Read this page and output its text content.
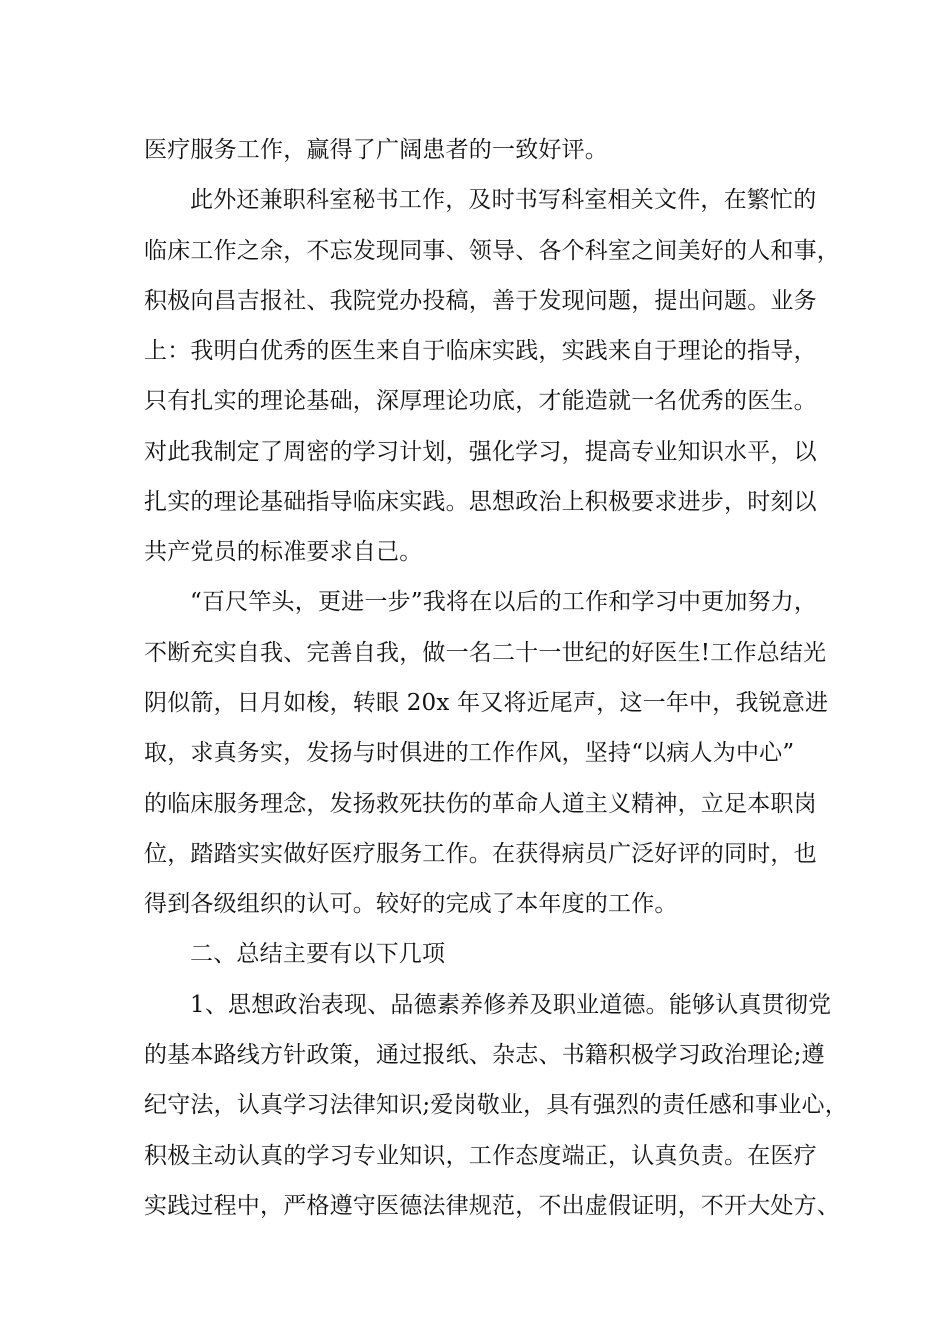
医疗服务工作，赢得了广阔患者的一致好评。
此外还兼职科室秘书工作，及时书写科室相关文件，在繁忙的
临床工作之余，不忘发现同事、领导、各个科室之间美好的人和事，
积极向昌吉报社、我院党办投稿，善于发现问题，提出问题。业务
上：我明白优秀的医生来自于临床实践，实践来自于理论的指导，
只有扎实的理论基础，深厚理论功底，才能造就一名优秀的医生。
对此我制定了周密的学习计划，强化学习，提高专业知识水平，以
扎实的理论基础指导临床实践。思想政治上积极要求进步，时刻以
共产党员的标准要求自己。
“百尺竿头，更进一步”我将在以后的工作和学习中更加努力，
不断充实自我、完善自我，做一名二十一世纪的好医生!工作总结光
阴似箭，日月如梭，转眼 20x 年又将近尾声，这一年中，我锐意进
取，求真务实，发扬与时俱进的工作作风，坚持“以病人为中心”
的临床服务理念，发扬救死扶伤的革命人道主义精神，立足本职岗
位，踏踏实实做好医疗服务工作。在获得病员广泛好评的同时，也
得到各级组织的认可。较好的完成了本年度的工作。
二、总结主要有以下几项
1、思想政治表现、品德素养修养及职业道德。能够认真贯彻党
的基本路线方针政策，通过报纸、杂志、书籍积极学习政治理论;遵
纪守法，认真学习法律知识;爱岗敬业，具有强烈的责任感和事业心，
积极主动认真的学习专业知识，工作态度端正，认真负责。在医疗
实践过程中，严格遵守医德法律规范，不出虚假证明，不开大处方、
